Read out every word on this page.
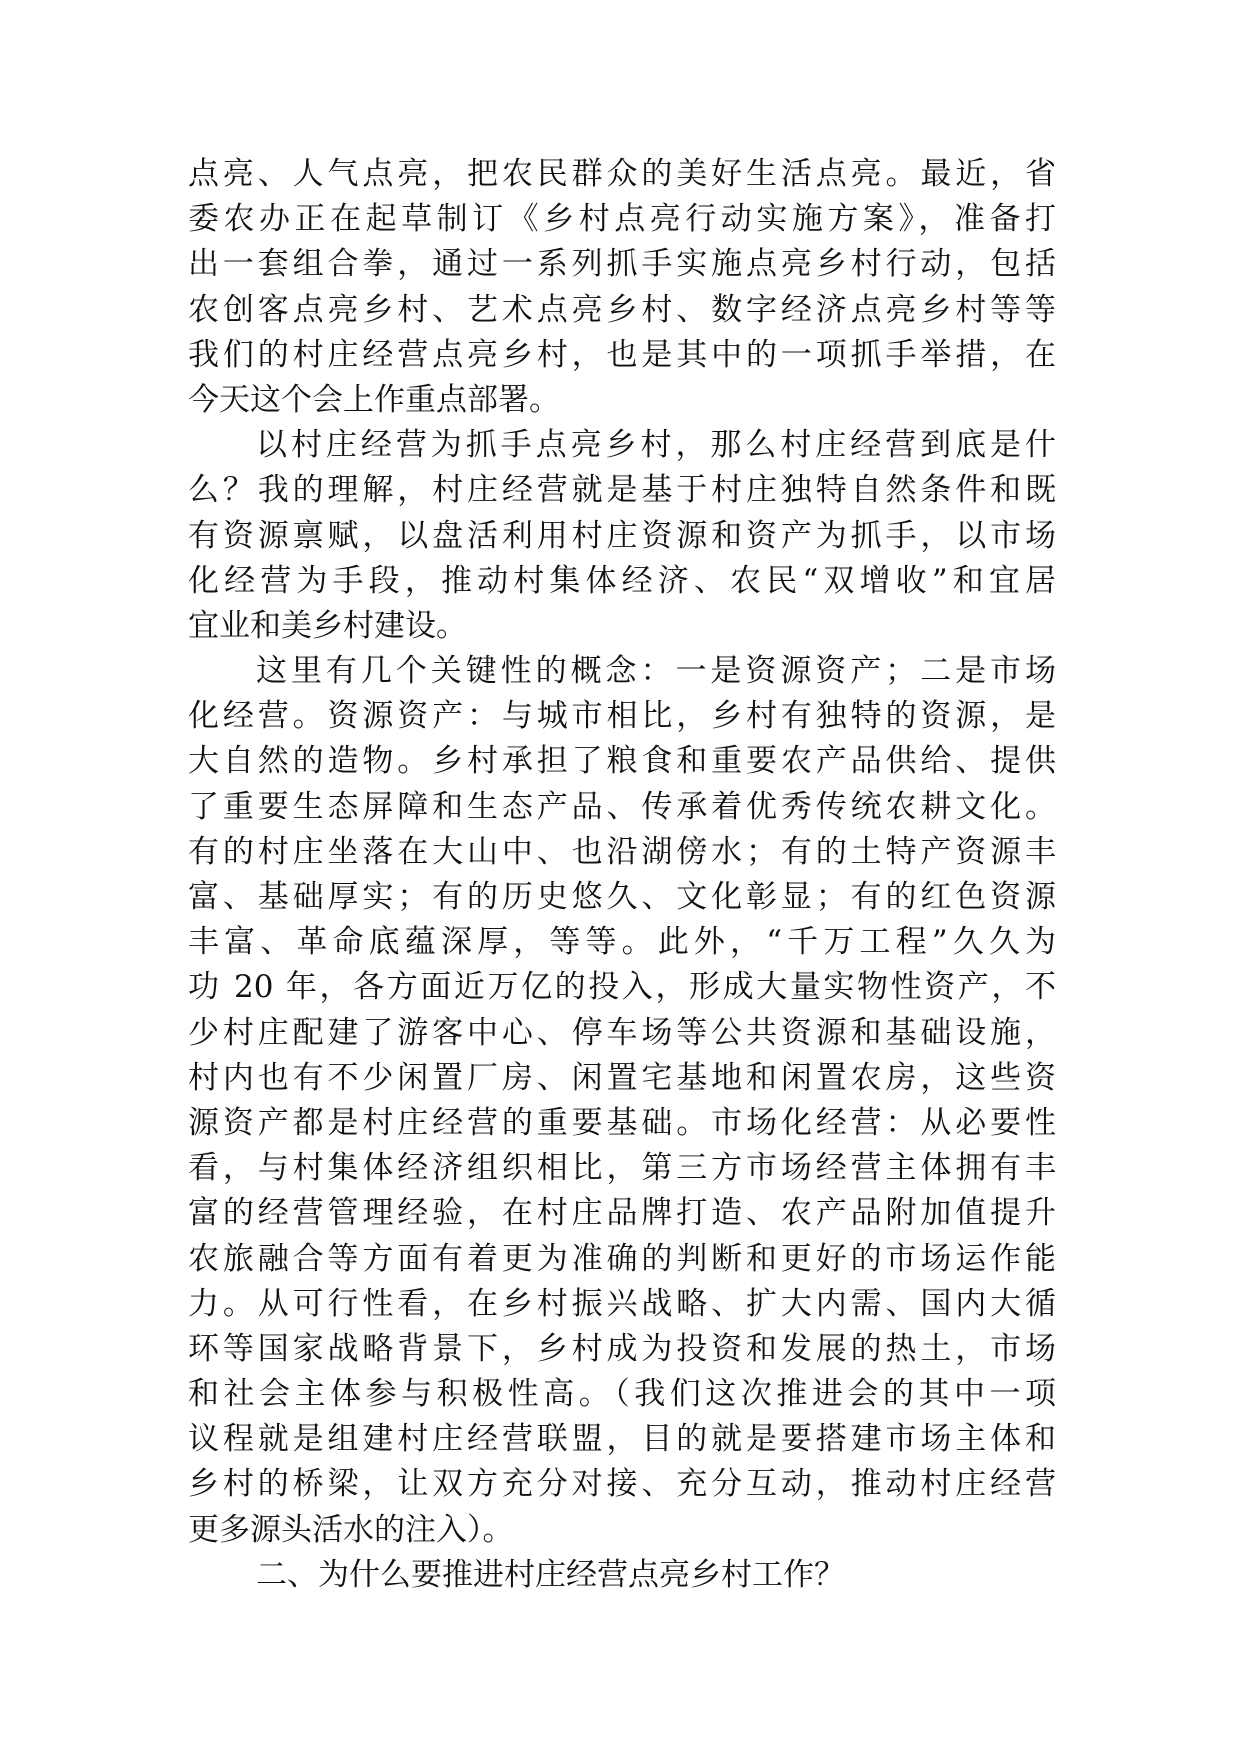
点亮、人气点亮，把农民群众的美好生活点亮。最近，省
委农办正在起草制订《乡村点亮行动实施方案》，准备打
出一套组合拳，通过一系列抓手实施点亮乡村行动，包括
农创客点亮乡村、艺术点亮乡村、数字经济点亮乡村等等
我们的村庄经营点亮乡村，也是其中的一项抓手举措，在
今天这个会上作重点部署。
以村庄经营为抓手点亮乡村，那么村庄经营到底是什
么？我的理解，村庄经营就是基于村庄独特自然条件和既
有资源禀赋，以盘活利用村庄资源和资产为抓手，以市场
化经营为手段，推动村集体经济、农民“双增收”和宜居
宜业和美乡村建设。
这里有几个关键性的概念：一是资源资产；二是市场
化经营。资源资产：与城市相比，乡村有独特的资源，是
大自然的造物。乡村承担了粮食和重要农产品供给、提供
了重要生态屏障和生态产品、传承着优秀传统农耕文化。
有的村庄坐落在大山中、也沿湖傍水；有的土特产资源丰
富、基础厚实；有的历史悠久、文化彰显；有的红色资源
丰富、革命底蕴深厚，等等。此外，“千万工程”久久为
功 20 年，各方面近万亿的投入，形成大量实物性资产，不
少村庄配建了游客中心、停车场等公共资源和基础设施，
村内也有不少闲置厂房、闲置宅基地和闲置农房，这些资
源资产都是村庄经营的重要基础。市场化经营：从必要性
看，与村集体经济组织相比，第三方市场经营主体拥有丰
富的经营管理经验，在村庄品牌打造、农产品附加值提升
农旅融合等方面有着更为准确的判断和更好的市场运作能
力。从可行性看，在乡村振兴战略、扩大内需、国内大循
环等国家战略背景下，乡村成为投资和发展的热土，市场
和社会主体参与积极性高。（我们这次推进会的其中一项
议程就是组建村庄经营联盟，目的就是要搭建市场主体和
乡村的桥梁，让双方充分对接、充分互动，推动村庄经营
更多源头活水的注入）。
二、为什么要推进村庄经营点亮乡村工作？
